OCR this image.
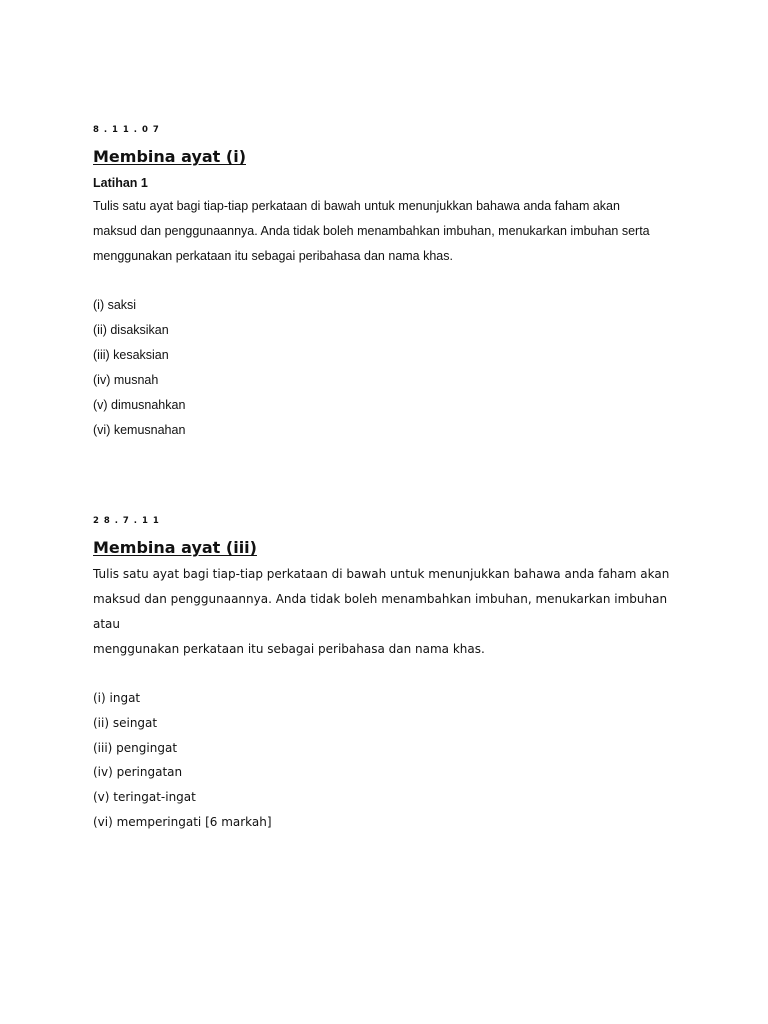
8 . 1 1 . 0 7

Membina ayat (i)

Latihan 1

Tulis satu ayat bagi tiap-tiap perkataan di bawah untuk menunjukkan bahawa anda faham akan

maksud dan penggunaannya. Anda tidak boleh menambahkan imbuhan, menukarkan imbuhan serta

menggunakan perkataan itu sebagai peribahasa dan nama khas.

(i) saksi
(ii) disaksikan
(iii) kesaksian
(iv) musnah
(v) dimusnahkan
(vi) kemusnahan

2 8 . 7 . 1 1

Membina ayat (iii)

Tulis satu ayat bagi tiap-tiap perkataan di bawah untuk menunjukkan bahawa anda faham akan

maksud dan penggunaannya. Anda tidak boleh menambahkan imbuhan, menukarkan imbuhan atau

menggunakan perkataan itu sebagai peribahasa dan nama khas.

(i) ingat
(ii) seingat
(iii) pengingat
(iv) peringatan
(v) teringat-ingat
(vi) memperingati [6 markah]
